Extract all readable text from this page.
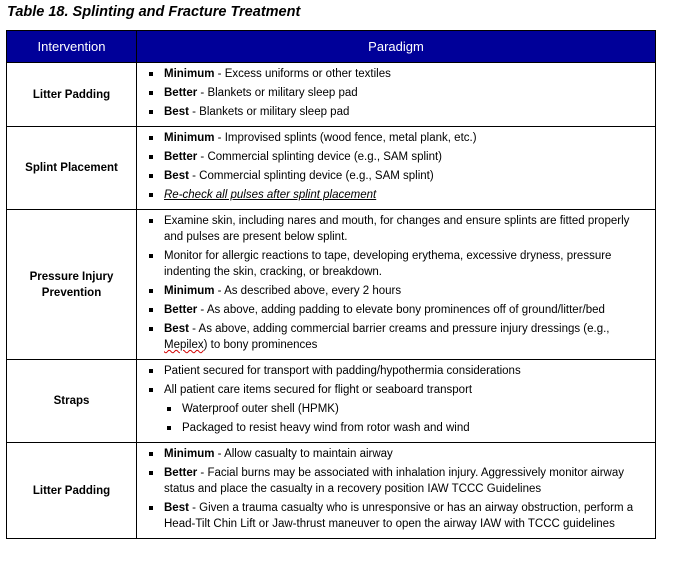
Table 18. Splinting and Fracture Treatment
Intervention	Paradigm
Litter Padding	
Minimum - Excess uniforms or other textiles
Better - Blankets or military sleep pad
Best - Blankets or military sleep pad

Splint Placement	
Minimum - Improvised splints (wood fence, metal plank, etc.)
Better - Commercial splinting device (e.g., SAM splint)
Best - Commercial splinting device (e.g., SAM splint)
Re-check all pulses after splint placement

Pressure Injury Prevention	
Examine skin, including nares and mouth, for changes and ensure splints are fitted properly and pulses are present below splint.
Monitor for allergic reactions to tape, developing erythema, excessive dryness, pressure indenting the skin, cracking, or breakdown.
Minimum - As described above, every 2 hours
Better - As above, adding padding to elevate bony prominences off of ground/litter/bed
Best - As above, adding commercial barrier creams and pressure injury dressings (e.g., Mepilex) to bony prominences

Straps	
Patient secured for transport with padding/hypothermia considerations
All patient care items secured for flight or seaboard transport
Waterproof outer shell (HPMK)
Packaged to resist heavy wind from rotor wash and wind

Litter Padding	
Minimum - Allow casualty to maintain airway
Better - Facial burns may be associated with inhalation injury. Aggressively monitor airway status and place the casualty in a recovery position IAW TCCC Guidelines
Best - Given a trauma casualty who is unresponsive or has an airway obstruction, perform a Head-Tilt Chin Lift or Jaw-thrust maneuver to open the airway IAW with TCCC guidelines
